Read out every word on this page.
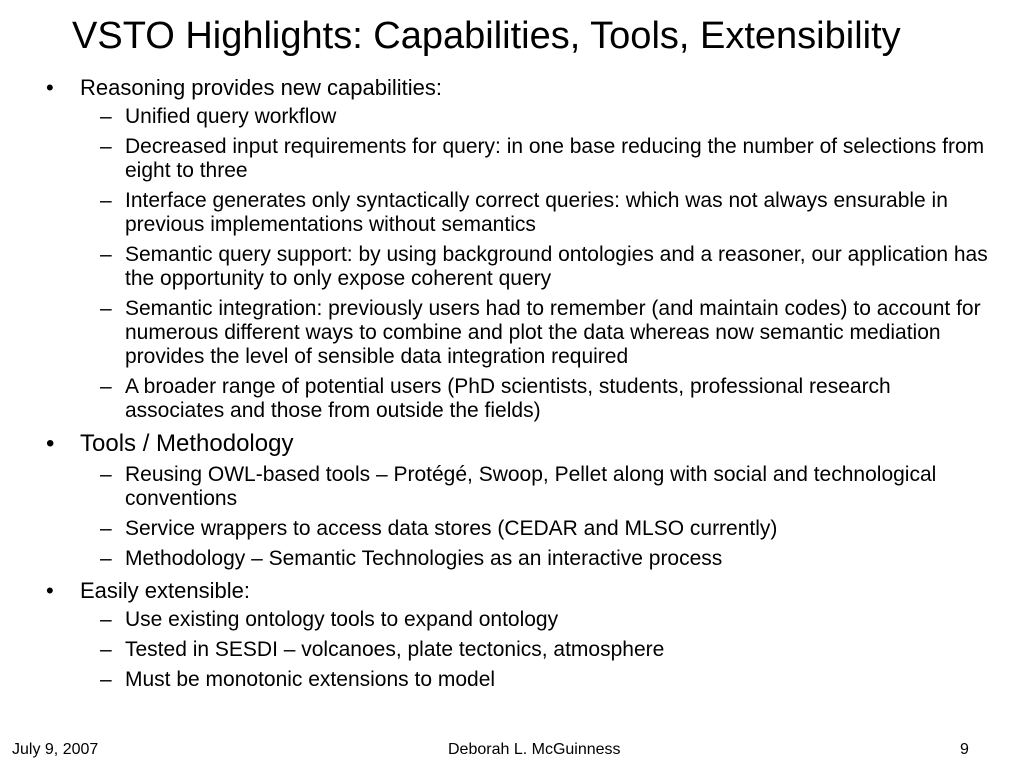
VSTO Highlights: Capabilities, Tools, Extensibility

• Reasoning provides new capabilities:

– Unified query workflow

– Decreased input requirements for query: in one base reducing the number of selections from eight to three

– Interface generates only syntactically correct queries: which was not always ensurable in previous implementations without semantics

– Semantic query support: by using background ontologies and a reasoner, our application has the opportunity to only expose coherent query

– Semantic integration: previously users had to remember (and maintain codes) to account for numerous different ways to combine and plot the data whereas now semantic mediation provides the level of sensible data integration required

– A broader range of potential users (PhD scientists, students, professional research associates and those from outside the fields)

• Tools / Methodology

– Reusing OWL-based tools – Protégé, Swoop, Pellet along with social and technological conventions

– Service wrappers to access data stores (CEDAR and MLSO currently)

– Methodology – Semantic Technologies as an interactive process

• Easily extensible:

– Use existing ontology tools to expand ontology

– Tested in SESDI – volcanoes, plate tectonics, atmosphere

– Must be monotonic extensions to model

July 9, 2007	Deborah L. McGuinness	9
